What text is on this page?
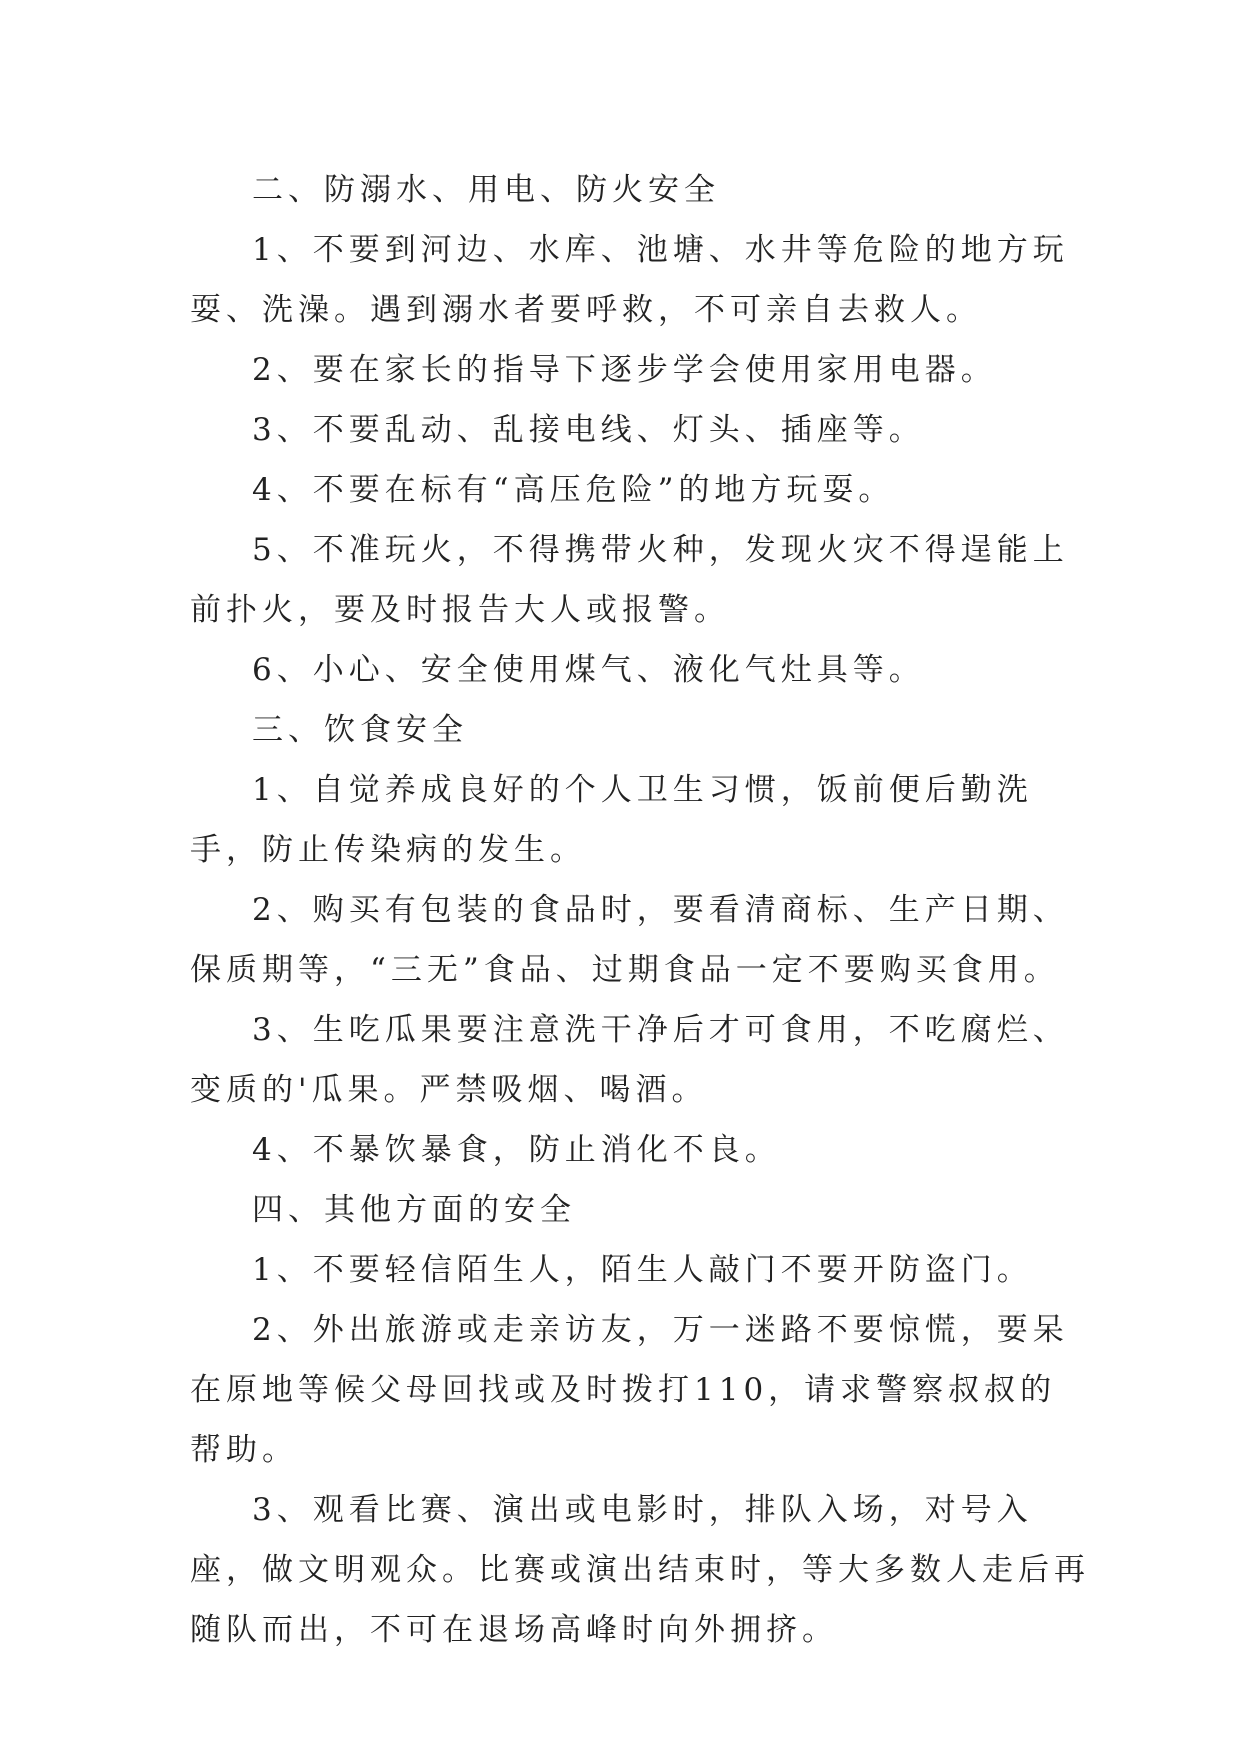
二、防溺水、用电、防火安全

1、不要到河边、水库、池塘、水井等危险的地方玩耍、洗澡。遇到溺水者要呼救，不可亲自去救人。

2、要在家长的指导下逐步学会使用家用电器。

3、不要乱动、乱接电线、灯头、插座等。

4、不要在标有“高压危险”的地方玩耍。

5、不准玩火，不得携带火种，发现火灾不得逞能上前扑火，要及时报告大人或报警。

6、小心、安全使用煤气、液化气灶具等。

三、饮食安全

1、自觉养成良好的个人卫生习惯，饭前便后勤洗手，防止传染病的发生。

2、购买有包装的食品时，要看清商标、生产日期、保质期等，“三无”食品、过期食品一定不要购买食用。

3、生吃瓜果要注意洗干净后才可食用，不吃腐烂、变质的'瓜果。严禁吸烟、喝酒。

4、不暴饮暴食，防止消化不良。

四、其他方面的安全

1、不要轻信陌生人，陌生人敲门不要开防盗门。

2、外出旅游或走亲访友，万一迷路不要惊慌，要呆在原地等候父母回找或及时拨打110，请求警察叔叔的帮助。

3、观看比赛、演出或电影时，排队入场，对号入座，做文明观众。比赛或演出结束时，等大多数人走后再随队而出，不可在退场高峰时向外拥挤。
